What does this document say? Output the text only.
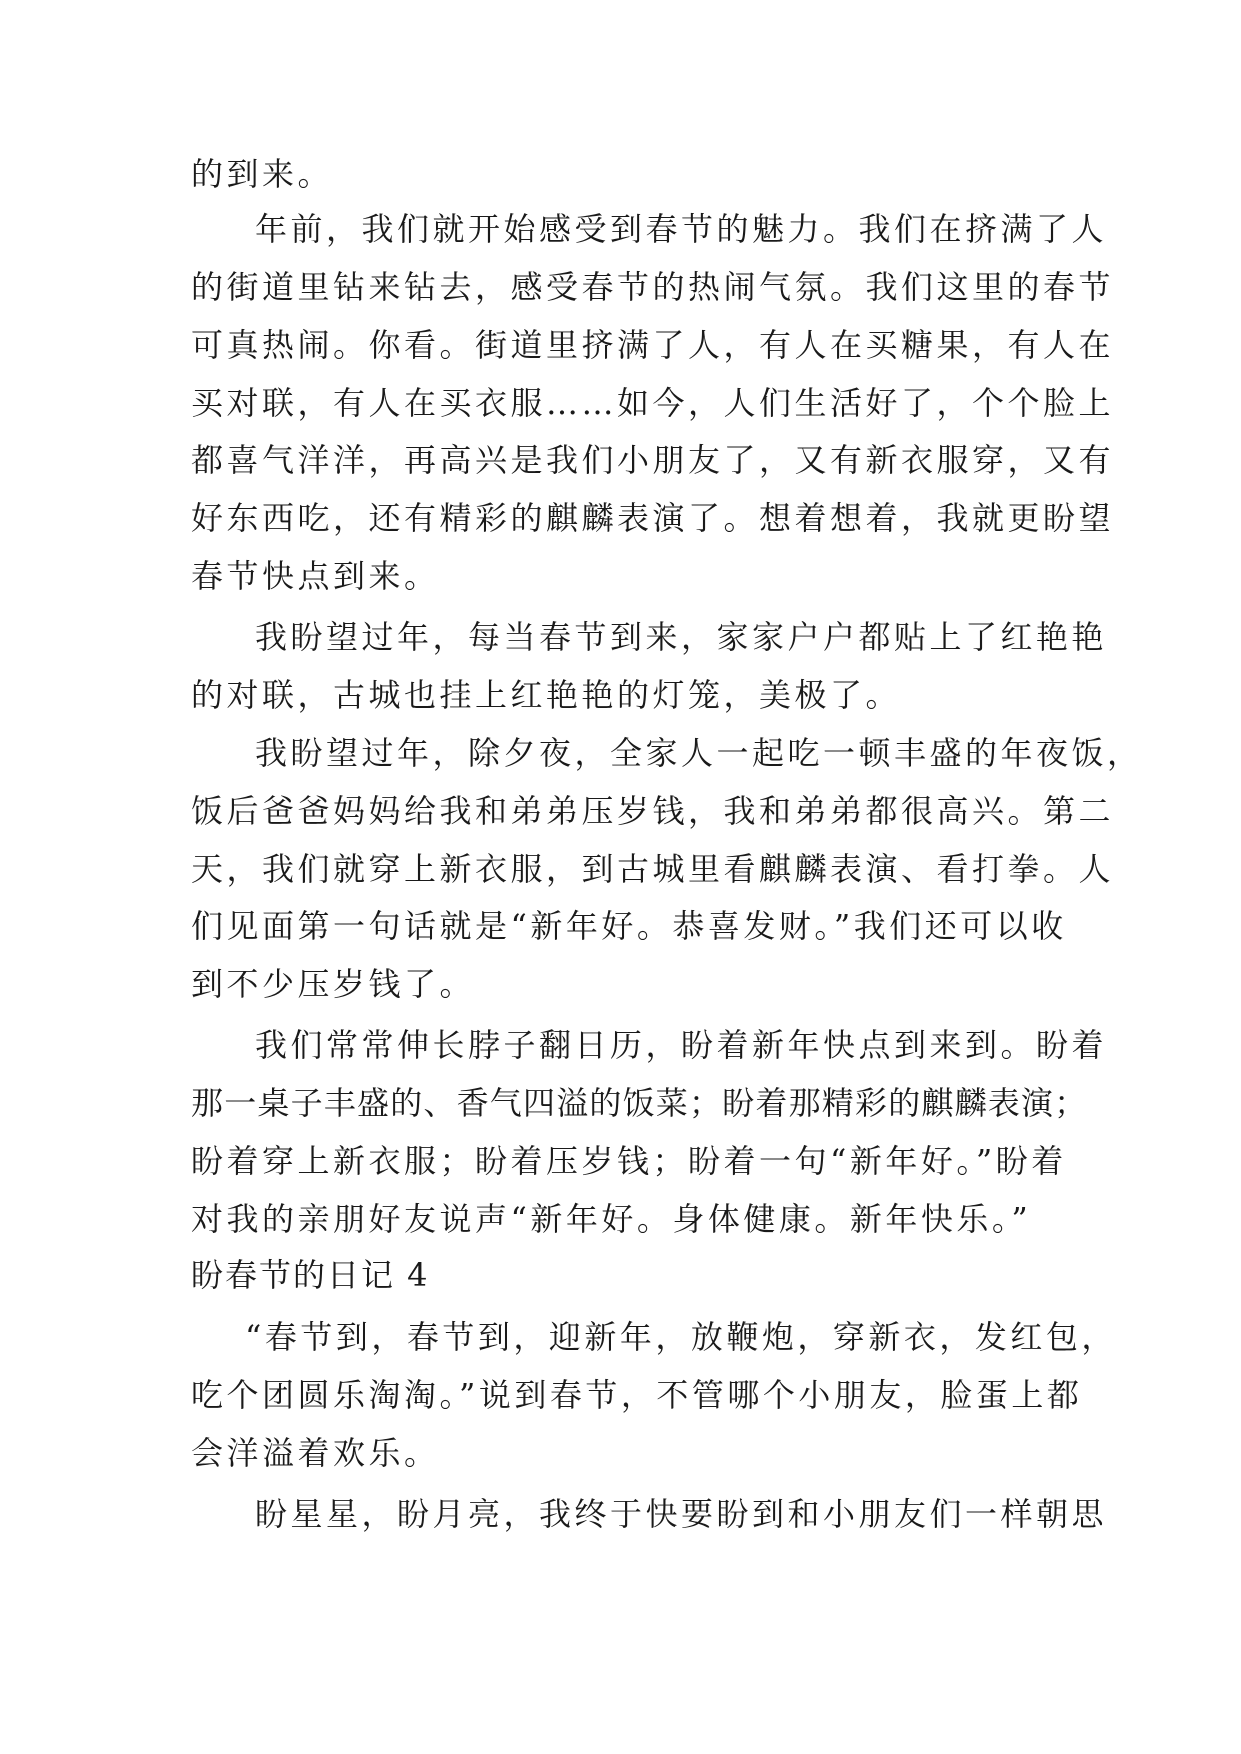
的到来。
年前，我们就开始感受到春节的魅力。我们在挤满了人
的街道里钻来钻去，感受春节的热闹气氛。我们这里的春节
可真热闹。你看。街道里挤满了人，有人在买糖果，有人在
买对联，有人在买衣服……如今，人们生活好了，个个脸上
都喜气洋洋，再高兴是我们小朋友了，又有新衣服穿，又有
好东西吃，还有精彩的麒麟表演了。想着想着，我就更盼望
春节快点到来。
我盼望过年，每当春节到来，家家户户都贴上了红艳艳
的对联，古城也挂上红艳艳的灯笼，美极了。
我盼望过年，除夕夜，全家人一起吃一顿丰盛的年夜饭，
饭后爸爸妈妈给我和弟弟压岁钱，我和弟弟都很高兴。第二
天，我们就穿上新衣服，到古城里看麒麟表演、看打拳。人
们见面第一句话就是“新年好。恭喜发财。”我们还可以收
到不少压岁钱了。
我们常常伸长脖子翻日历，盼着新年快点到来到。盼着
那一桌子丰盛的、香气四溢的饭菜；盼着那精彩的麒麟表演；
盼着穿上新衣服；盼着压岁钱；盼着一句“新年好。”盼着
对我的亲朋好友说声“新年好。身体健康。新年快乐。”
盼春节的日记 4
“春节到，春节到，迎新年，放鞭炮，穿新衣，发红包，
吃个团圆乐淘淘。”说到春节，不管哪个小朋友，脸蛋上都
会洋溢着欢乐。
盼星星，盼月亮，我终于快要盼到和小朋友们一样朝思
